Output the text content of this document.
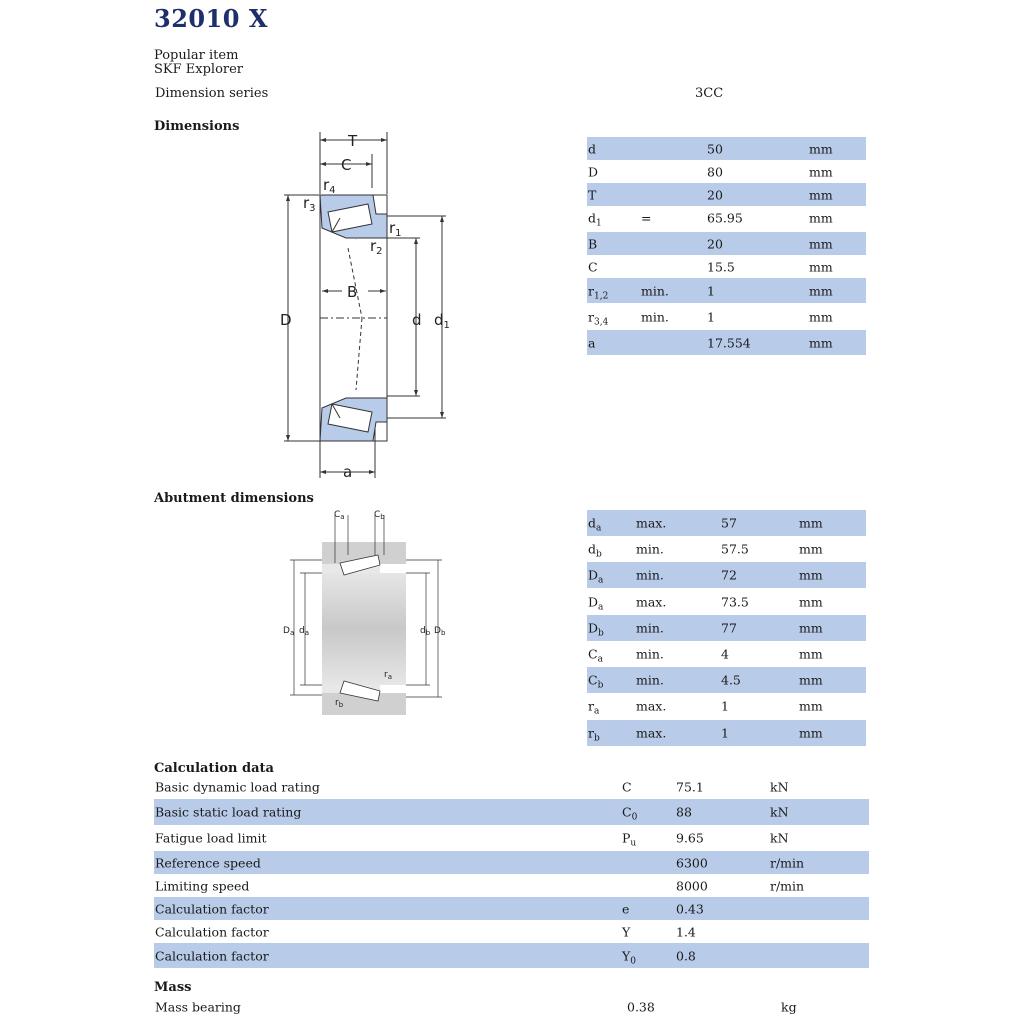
32010 X
Popular item
SKF Explorer
Dimension series	3CC
Dimensions
Abutment dimensions
Calculation data
Mass
T
C
$r_4$
$r_3$
$r_1$
$r_2$
B
D	d $d_1$
a
$C_a$	$C_b$
$D_a$ $d_a$	$d_b$ $D_b$
$r_a$
$r_b$
d	50	mm
D	80	mm
T	20	mm
$d_1$	=	65.95	mm
B	20	mm
C	15.5	mm
$r_{1,2}$	min.	1	mm
$r_{3,4}$	min.	1	mm
a	17.554	mm
$d_a$	max.	57	mm
$d_b$	min.	57.5	mm
$D_a$	min.	72	mm
$D_a$	max.	73.5	mm
$D_b$	min.	77	mm
$C_a$	min.	4	mm
$C_b$	min.	4.5	mm
$r_a$	max.	1	mm
$r_b$	max.	1	mm
Basic dynamic load rating	C	75.1	kN
Basic static load rating	$C_0$	88	kN
Fatigue load limit	$P_u$	9.65	kN
Reference speed	6300	r/min
Limiting speed	8000	r/min
Calculation factor	e	0.43
Calculation factor	Y	1.4
Calculation factor	$Y_0$	0.8
Mass bearing	0.38	kg
